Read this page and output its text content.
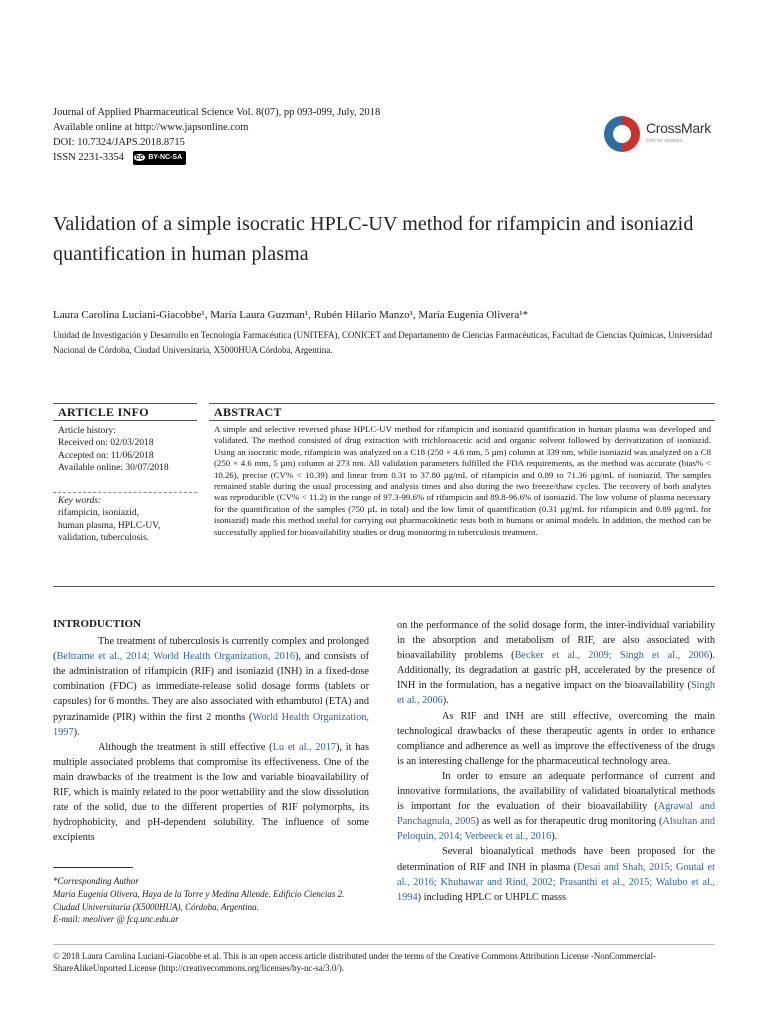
Journal of Applied Pharmaceutical Science Vol. 8(07), pp 093-099, July, 2018
Available online at http://www.japsonline.com
DOI: 10.7324/JAPS.2018.8715
ISSN 2231-3354 cc BY-NC-SA
CrossMark
click for updates
Validation of a simple isocratic HPLC-UV method for rifampicin and isoniazid quantification in human plasma
Laura Carolina Luciani-Giacobbe¹, María Laura Guzman¹, Rubén Hilario Manzo¹, María Eugenia Olivera¹*
Unidad de Investigación y Desarrollo en Tecnología Farmacéutica (UNITEFA), CONICET and Departamento de Ciencias Farmacéuticas, Facultad de Ciencias Químicas, Universidad Nacional de Córdoba, Ciudad Universitaria, X5000HUA Córdoba, Argentina.
ARTICLE INFO	ABSTRACT
Article history:
Received on: 02/03/2018
Accepted on: 11/06/2018
Available online: 30/07/2018
Key words:
rifampicin, isoniazid,
human plasma, HPLC-UV,
validation, tuberculosis.
A simple and selective reversed phase HPLC-UV method for rifampicin and isoniazid quantification in human plasma was developed and validated. The method consisted of drug extraction with trichloroacetic acid and organic solvent followed by derivatization of isoniazid. Using an isocratic mode, rifampicin was analyzed on a C18 (250 × 4.6 mm, 5 µm) column at 339 nm, while isoniazid was analyzed on a C8 (250 × 4.6 mm, 5 µm) column at 273 nm. All validation parameters fulfilled the FDA requirements, as the method was accurate (bias% < 10.26), precise (CV% < 10.39) and linear from 0.31 to 37.80 µg/mL of rifampicin and 0.89 to 71.36 µg/mL of isoniazid. The samples remained stable during the usual processing and analysis times and also during the two freeze/thaw cycles. The recovery of both analytes was reproducible (CV% < 11.2) in the range of 97.3-99.6% of rifampicin and 89.8-96.6% of isoniazid. The low volume of plasma necessary for the quantification of the samples (750 µL in total) and the low limit of quantification (0.31 µg/mL for rifampicin and 0.89 µg/mL for isoniazid) made this method useful for carrying out pharmacokinetic tests both in humans or animal models. In addition, the method can be successfully applied for bioavailability studies or drug monitoring in tuberculosis treatment.

INTRODUCTION

The treatment of tuberculosis is currently complex and prolonged (Beltrame et al., 2014; World Health Organization, 2016), and consists of the administration of rifampicin (RIF) and isoniazid (INH) in a fixed-dose combination (FDC) as immediate-release solid dosage forms (tablets or capsules) for 6 months. They are also associated with ethambutol (ETA) and pyrazinamide (PIR) within the first 2 months (World Health Organization, 1997).

Although the treatment is still effective (Lu et al., 2017), it has multiple associated problems that compromise its effectiveness. One of the main drawbacks of the treatment is the low and variable bioavailability of RIF, which is mainly related to the poor wettability and the slow dissolution rate of the solid, due to the different properties of RIF polymorphs, its hydrophobicity, and pH-dependent solubility. The influence of some excipients

on the performance of the solid dosage form, the inter-individual variability in the absorption and metabolism of RIF, are also associated with bioavailability problems (Becker et al., 2009; Singh et al., 2006). Additionally, its degradation at gastric pH, accelerated by the presence of INH in the formulation, has a negative impact on the bioavailability (Singh et al., 2006).

As RIF and INH are still effective, overcoming the main technological drawbacks of these therapeutic agents in order to enhance compliance and adherence as well as improve the effectiveness of the drugs is an interesting challenge for the pharmaceutical technology area.

In order to ensure an adequate performance of current and innovative formulations, the availability of validated bioanalytical methods is important for the evaluation of their bioavailability (Agrawal and Panchagnula, 2005) as well as for therapeutic drug monitoring (Alsultan and Peloquin, 2014; Verbeeck et al., 2016).

Several bioanalytical methods have been proposed for the determination of RIF and INH in plasma (Desai and Shah, 2015; Goutal et al., 2016; Khuhawar and Rind, 2002; Prasanthi et al., 2015; Walubo et al., 1994) including HPLC or UHPLC masss

*Corresponding Author
María Eugenia Olivera, Haya de la Torre y Medina Allende. Edificio Ciencias 2. Ciudad Universitaria (X5000HUA), Córdoba, Argentina.
E-mail: meoliver @ fcq.unc.edu.ar
© 2018 Laura Carolina Luciani-Giacobbe et al. This is an open access article distributed under the terms of the Creative Commons Attribution License -NonCommercial-ShareAlikeUnported License (http://creativecommons.org/licenses/by-nc-sa/3.0/).
